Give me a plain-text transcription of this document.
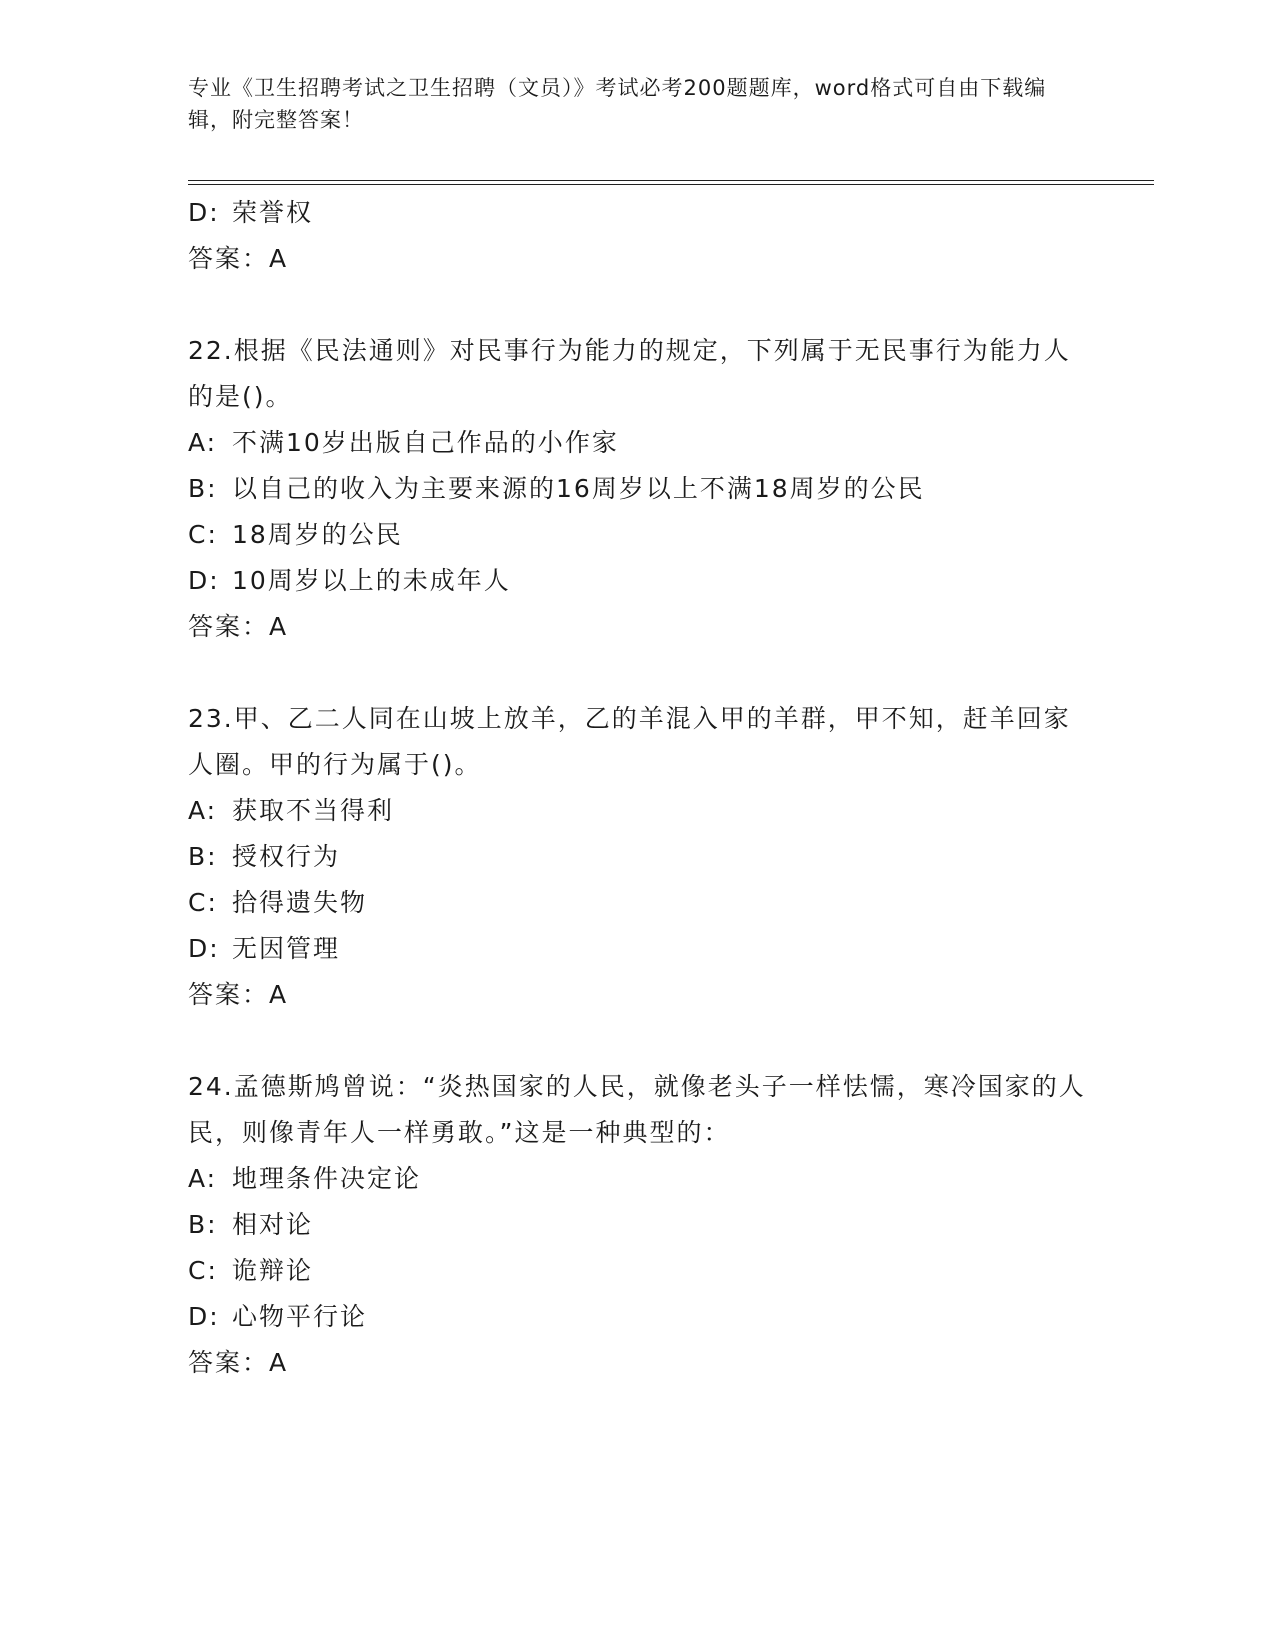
专业《卫生招聘考试之卫生招聘（文员）》考试必考200题题库，word格式可自由下载编辑，附完整答案！
D: 荣誉权
答案：A
22.根据《民法通则》对民事行为能力的规定，下列属于无民事行为能力人的是()。
A: 不满10岁出版自己作品的小作家
B: 以自己的收入为主要来源的16周岁以上不满18周岁的公民
C: 18周岁的公民
D: 10周岁以上的未成年人
答案：A
23.甲、乙二人同在山坡上放羊，乙的羊混入甲的羊群，甲不知，赶羊回家人圈。甲的行为属于()。
A: 获取不当得利
B: 授权行为
C: 拾得遗失物
D: 无因管理
答案：A
24.孟德斯鸠曾说：“炎热国家的人民，就像老头子一样怯懦，寒冷国家的人民，则像青年人一样勇敢。”这是一种典型的：
A: 地理条件决定论
B: 相对论
C: 诡辩论
D: 心物平行论
答案：A
